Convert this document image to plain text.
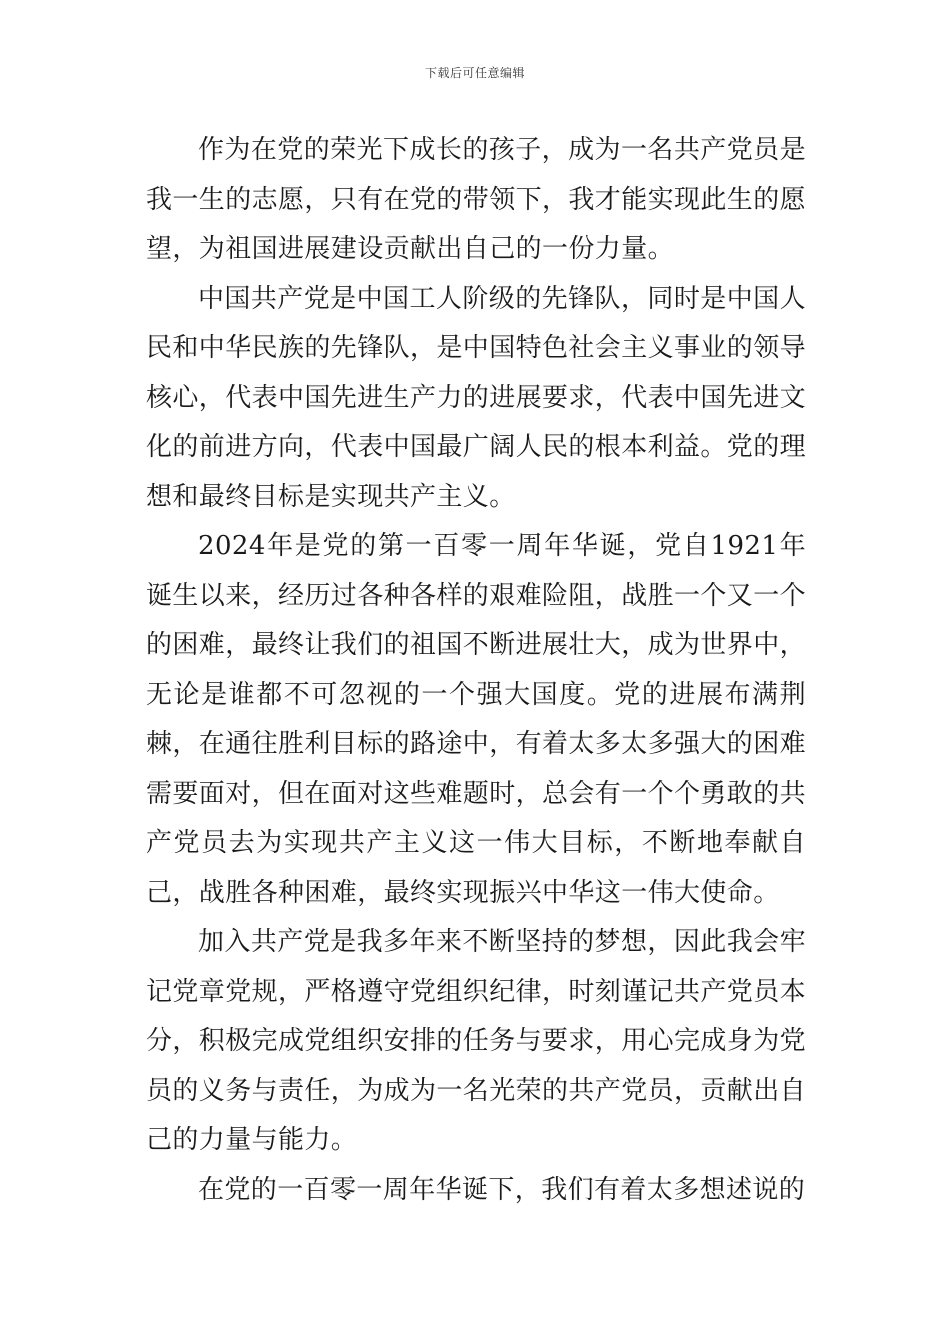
下载后可任意编辑

作为在党的荣光下成长的孩子，成为一名共产党员是我一生的志愿，只有在党的带领下，我才能实现此生的愿望，为祖国进展建设贡献出自己的一份力量。

中国共产党是中国工人阶级的先锋队，同时是中国人民和中华民族的先锋队，是中国特色社会主义事业的领导核心，代表中国先进生产力的进展要求，代表中国先进文化的前进方向，代表中国最广阔人民的根本利益。党的理想和最终目标是实现共产主义。

2024年是党的第一百零一周年华诞，党自1921年诞生以来，经历过各种各样的艰难险阻，战胜一个又一个的困难，最终让我们的祖国不断进展壮大，成为世界中，无论是谁都不可忽视的一个强大国度。党的进展布满荆棘，在通往胜利目标的路途中，有着太多太多强大的困难需要面对，但在面对这些难题时，总会有一个个勇敢的共产党员去为实现共产主义这一伟大目标，不断地奉献自己，战胜各种困难，最终实现振兴中华这一伟大使命。

加入共产党是我多年来不断坚持的梦想，因此我会牢记党章党规，严格遵守党组织纪律，时刻谨记共产党员本分，积极完成党组织安排的任务与要求，用心完成身为党员的义务与责任，为成为一名光荣的共产党员，贡献出自己的力量与能力。

在党的一百零一周年华诞下，我们有着太多想述说的
